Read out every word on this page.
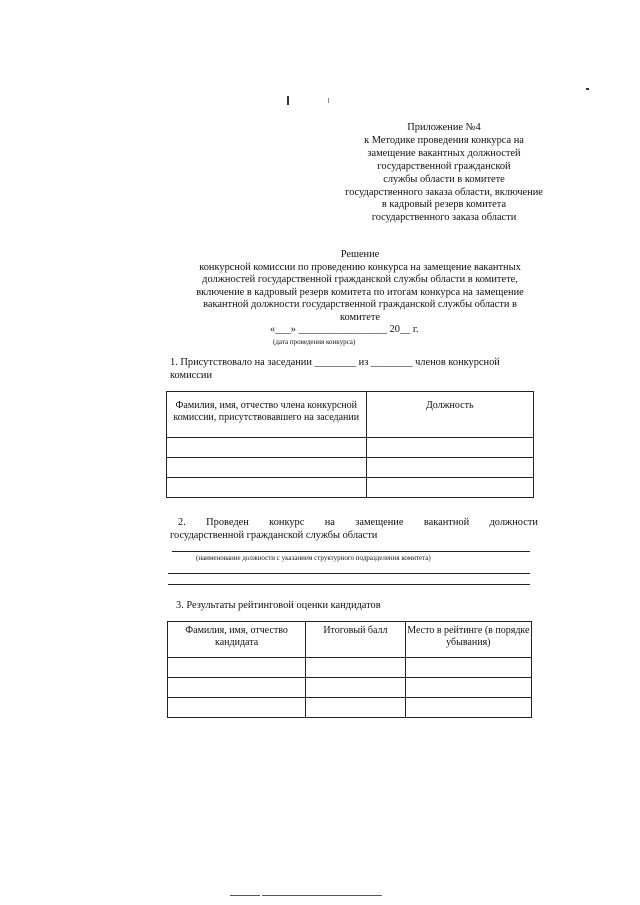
Приложение №4
к Методике проведения конкурса на
замещение вакантных должностей
государственной гражданской
службы области в комитете
государственного заказа области, включение
в кадровый резерв комитета
государственного заказа области
Решение
конкурсной комиссии по проведению конкурса на замещение вакантных
должностей государственной гражданской службы области в комитете,
включение в кадровый резерв комитета по итогам конкурса на замещение
вакантной должности государственной гражданской службы области в
комитете
«___» _________________ 20__ г.
(дата проведения конкурса)
1. Присутствовало на заседании ________ из ________ членов конкурсной комиссии
Фамилия, имя, отчество члена конкурсной комиссии, присутствовавшего на заседании	Должность

2. Проведен конкурс на замещение вакантной должности
государственной гражданской службы области
(наименование должности с указанием структурного подразделения комитета)
3. Результаты рейтинговой оценки кандидатов
Фамилия, имя, отчество кандидата	Итоговый балл	Место в рейтинге (в порядке убывания)
